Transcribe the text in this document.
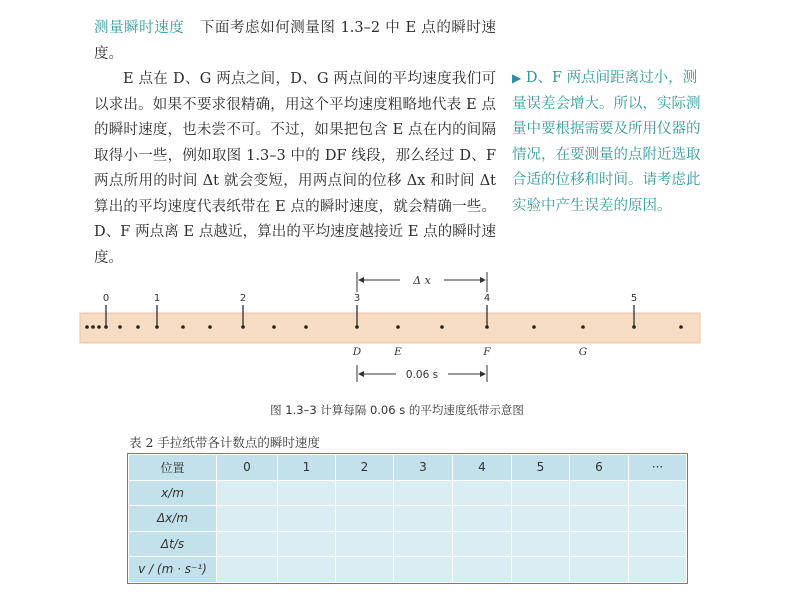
测量瞬时速度 下面考虑如何测量图 1.3–2 中 E 点的瞬时速度。

E 点在 D、G 两点之间，D、G 两点间的平均速度我们可以求出。如果不要求很精确，用这个平均速度粗略地代表 E 点的瞬时速度，也未尝不可。不过，如果把包含 E 点在内的间隔取得小一些，例如取图 1.3–3 中的 DF 线段，那么经过 D、F 两点所用的时间 Δt 就会变短，用两点间的位移 Δx 和时间 Δt 算出的平均速度代表纸带在 E 点的瞬时速度，就会精确一些。D、F 两点离 E 点越近，算出的平均速度越接近 E 点的瞬时速度。

▶ D、F 两点间距离过小，测量误差会增大。所以，实际测量中要根据需要及所用仪器的情况，在要测量的点附近选取合适的位移和时间。请考虑此实验中产生误差的原因。

0	1	2	3	4	5
D	E	F	G
Δ x
0.06 s
图 1.3–3 计算每隔 0.06 s 的平均速度纸带示意图
表 2 手拉纸带各计数点的瞬时速度
位置	0	1	2	3	4	5	6	···
x/m								
Δx/m								
Δt/s								
v / (m · s⁻¹)								
